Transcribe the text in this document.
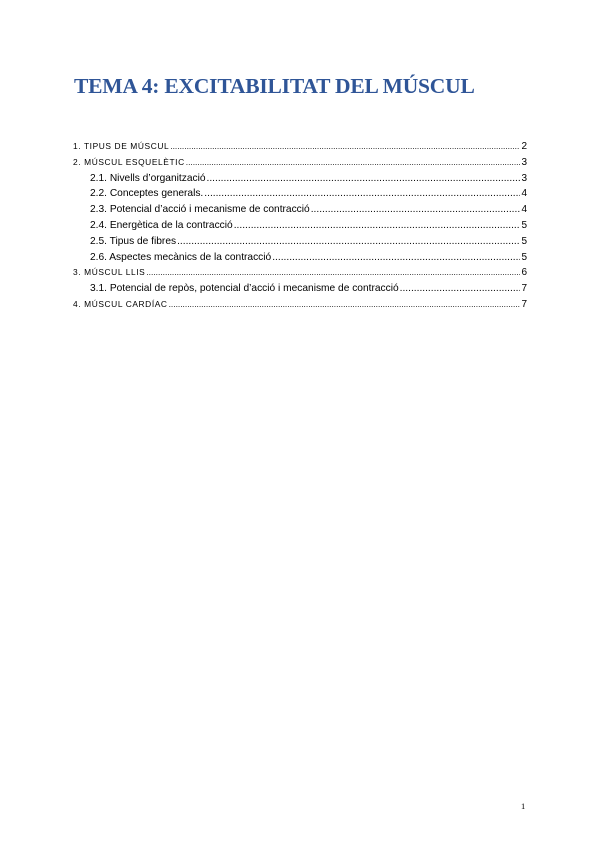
TEMA 4: EXCITABILITAT DEL MÚSCUL
1. TIPUS DE MÚSCUL .....	2
2. MÚSCUL ESQUELÈTIC .....	3
2.1. Nivells d’organització .....	3
2.2. Conceptes generals. .....	4
2.3. Potencial d’acció i mecanisme de contracció .....	4
2.4. Energètica de la contracció .....	5
2.5. Tipus de fibres .....	5
2.6. Aspectes mecànics de la contracció .....	5
3. MÚSCUL LLIS .....	6
3.1. Potencial de repòs, potencial d’acció i mecanisme de contracció .....	7
4. MÚSCUL CARDÍAC .....	7
1
